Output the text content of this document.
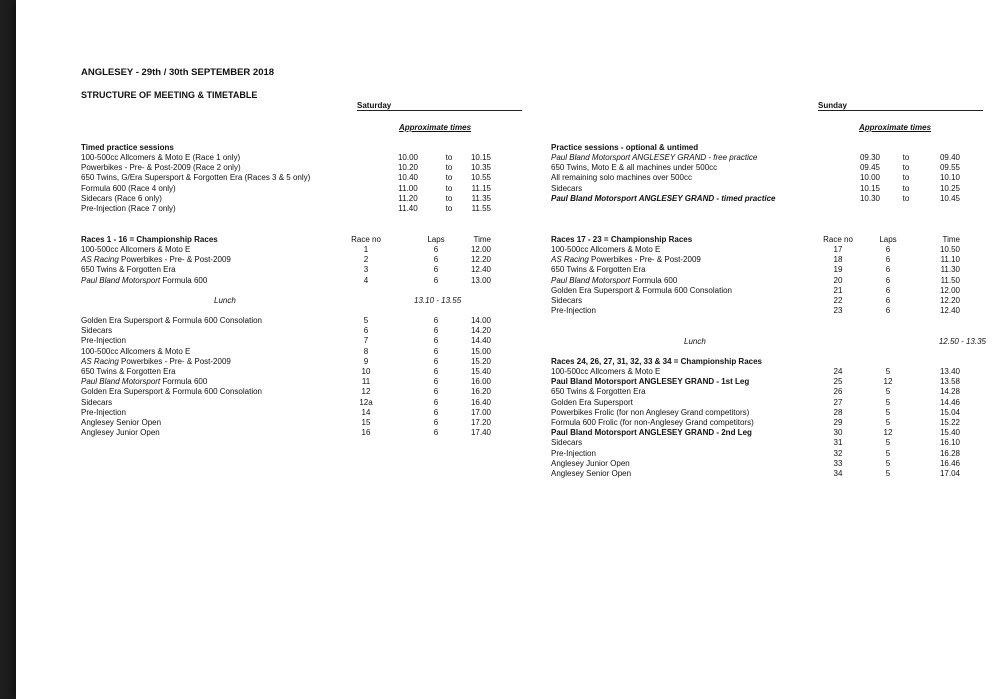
ANGLESEY - 29th / 30th SEPTEMBER 2018
STRUCTURE OF MEETING & TIMETABLE
Saturday
Approximate times
Sunday
Approximate times
Timed practice sessions
100-500cc Allcomers & Moto E (Race 1 only)	10.00	to	10.15
Powerbikes - Pre- & Post-2009 (Race 2 only)	10.20	to	10.35
650 Twins, G/Era Supersport & Forgotten Era (Races 3 & 5 only)	10.40	to	10.55
Formula 600 (Race 4 only)	11.00	to	11.15
Sidecars (Race 6 only)	11.20	to	11.35
Pre-Injection (Race 7 only)	11.40	to	11.55
Practice sessions - optional & untimed
Paul Bland Motorsport ANGLESEY GRAND - free practice	09.30	to	09.40
650 Twins, Moto E & all machines under 500cc	09.45	to	09.55
All remaining solo machines over 500cc	10.00	to	10.10
Sidecars	10.15	to	10.25
Paul Bland Motorsport ANGLESEY GRAND - timed practice	10.30	to	10.45
Races 1 - 16 = Championship Races	Race no	Laps	Time
100-500cc Allcomers & Moto E	1	6	12.00
AS Racing Powerbikes - Pre- & Post-2009	2	6	12.20
650 Twins & Forgotten Era	3	6	12.40
Paul Bland Motorsport Formula 600	4	6	13.00
Lunch	13.10 - 13.55
Golden Era Supersport & Formula 600 Consolation	5	6	14.00
Sidecars	6	6	14.20
Pre-Injection	7	6	14.40
100-500cc Allcomers & Moto E	8	6	15.00
AS Racing Powerbikes - Pre- & Post-2009	9	6	15.20
650 Twins & Forgotten Era	10	6	15.40
Paul Bland Motorsport Formula 600	11	6	16.00
Golden Era Supersport & Formula 600 Consolation	12	6	16.20
Sidecars	12a	6	16.40
Pre-Injection	14	6	17.00
Anglesey Senior Open	15	6	17.20
Anglesey Junior Open	16	6	17.40
Races 17 - 23 = Championship Races	Race no	Laps	Time
100-500cc Allcomers & Moto E	17	6	10.50
AS Racing Powerbikes - Pre- & Post-2009	18	6	11.10
650 Twins & Forgotten Era	19	6	11.30
Paul Bland Motorsport Formula 600	20	6	11.50
Golden Era Supersport & Formula 600 Consolation	21	6	12.00
Sidecars	22	6	12.20
Pre-Injection	23	6	12.40
Lunch	12.50 - 13.35
Races 24, 26, 27, 31, 32, 33 & 34 = Championship Races
100-500cc Allcomers & Moto E	24	5	13.40
Paul Bland Motorsport ANGLESEY GRAND - 1st Leg	25	12	13.58
650 Twins & Forgotten Era	26	5	14.28
Golden Era Supersport	27	5	14.46
Powerbikes Frolic (for non Anglesey Grand competitors)	28	5	15.04
Formula 600 Frolic (for non-Anglesey Grand competitors)	29	5	15.22
Paul Bland Motorsport ANGLESEY GRAND - 2nd Leg	30	12	15.40
Sidecars	31	5	16.10
Pre-Injection	32	5	16.28
Anglesey Junior Open	33	5	16.46
Anglesey Senior Open	34	5	17.04
